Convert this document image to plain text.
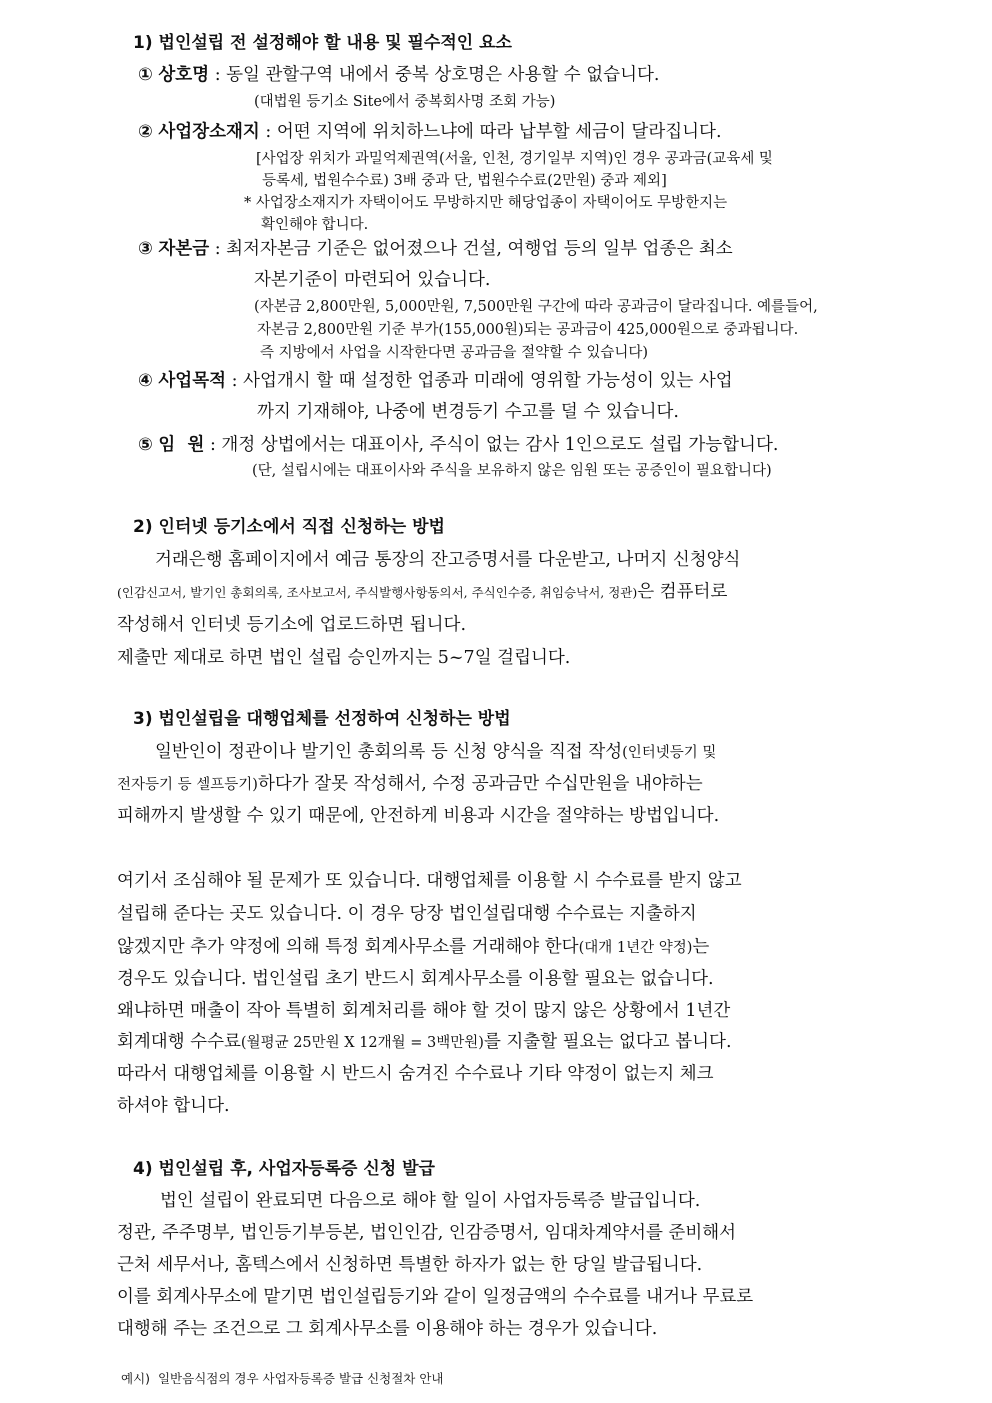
1) 법인설립 전 설정해야 할 내용 및 필수적인 요소
① 상호명 : 동일 관할구역 내에서 중복 상호명은 사용할 수 없습니다.
(대법원 등기소 Site에서 중복회사명 조회 가능)
② 사업장소재지 : 어떤 지역에 위치하느냐에 따라 납부할 세금이 달라집니다.
[사업장 위치가 과밀억제권역(서울, 인천, 경기일부 지역)인 경우 공과금(교육세 및
등록세, 법원수수료) 3배 중과 단, 법원수수료(2만원) 중과 제외]
* 사업장소재지가 자택이어도 무방하지만 해당업종이 자택이어도 무방한지는
확인해야 합니다.
③ 자본금 : 최저자본금 기준은 없어졌으나 건설, 여행업 등의 일부 업종은 최소
자본기준이 마련되어 있습니다.
(자본금 2,800만원, 5,000만원, 7,500만원 구간에 따라 공과금이 달라집니다. 예를들어,
자본금 2,800만원 기준 부가(155,000원)되는 공과금이 425,000원으로 중과됩니다.
즉 지방에서 사업을 시작한다면 공과금을 절약할 수 있습니다)
④ 사업목적 : 사업개시 할 때 설정한 업종과 미래에 영위할 가능성이 있는 사업
까지 기재해야, 나중에 변경등기 수고를 덜 수 있습니다.
⑤ 임  원 : 개정 상법에서는 대표이사, 주식이 없는 감사 1인으로도 설립 가능합니다.
(단, 설립시에는 대표이사와 주식을 보유하지 않은 임원 또는 공증인이 필요합니다)
2) 인터넷 등기소에서 직접 신청하는 방법
거래은행 홈페이지에서 예금 통장의 잔고증명서를 다운받고, 나머지 신청양식
(인감신고서, 발기인 총회의록, 조사보고서, 주식발행사항동의서, 주식인수증, 취임승낙서, 정관)은 컴퓨터로
작성해서 인터넷 등기소에 업로드하면 됩니다.
제출만 제대로 하면 법인 설립 승인까지는 5~7일 걸립니다.
3) 법인설립을 대행업체를 선정하여 신청하는 방법
일반인이 정관이나 발기인 총회의록 등 신청 양식을 직접 작성(인터넷등기 및
전자등기 등 셀프등기)하다가 잘못 작성해서, 수정 공과금만 수십만원을 내야하는
피해까지 발생할 수 있기 때문에, 안전하게 비용과 시간을 절약하는 방법입니다.
여기서 조심해야 될 문제가 또 있습니다. 대행업체를 이용할 시 수수료를 받지 않고
설립해 준다는 곳도 있습니다. 이 경우 당장 법인설립대행 수수료는 지출하지
않겠지만 추가 약정에 의해 특정 회계사무소를 거래해야 한다(대개 1년간 약정)는
경우도 있습니다. 법인설립 초기 반드시 회계사무소를 이용할 필요는 없습니다.
왜냐하면 매출이 작아 특별히 회계처리를 해야 할 것이 많지 않은 상황에서 1년간
회계대행 수수료(월평균 25만원 X 12개월 = 3백만원)를 지출할 필요는 없다고 봅니다.
따라서 대행업체를 이용할 시 반드시 숨겨진 수수료나 기타 약정이 없는지 체크
하셔야 합니다.
4) 법인설립 후, 사업자등록증 신청 발급
법인 설립이 완료되면 다음으로 해야 할 일이 사업자등록증 발급입니다.
정관, 주주명부, 법인등기부등본, 법인인감, 인감증명서, 임대차계약서를 준비해서
근처 세무서나, 홈텍스에서 신청하면 특별한 하자가 없는 한 당일 발급됩니다.
이를 회계사무소에 맡기면 법인설립등기와 같이 일정금액의 수수료를 내거나 무료로
대행해 주는 조건으로 그 회계사무소를 이용해야 하는 경우가 있습니다.
예시)  일반음식점의 경우 사업자등록증 발급 신청절차 안내
